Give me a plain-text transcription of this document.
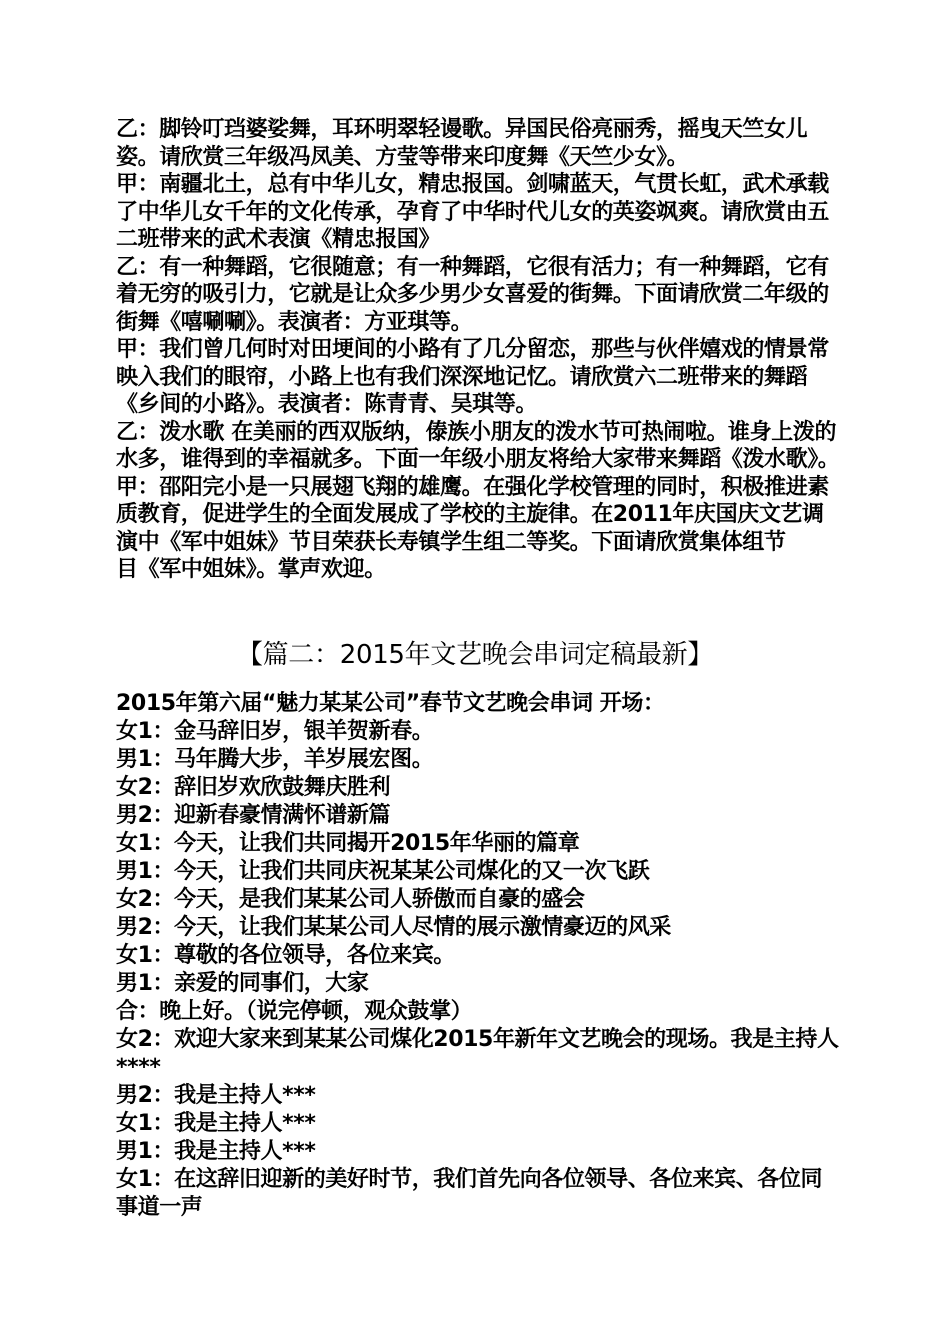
乙：脚铃叮珰婆娑舞，耳环明翠轻谩歌。异国民俗亮丽秀，摇曳天竺女儿姿。请欣赏三年级冯凤美、方莹等带来印度舞《天竺少女》。

甲：南疆北土，总有中华儿女，精忠报国。剑啸蓝天，气贯长虹，武术承载了中华儿女千年的文化传承，孕育了中华时代儿女的英姿飒爽。请欣赏由五二班带来的武术表演《精忠报国》

乙：有一种舞蹈，它很随意；有一种舞蹈，它很有活力；有一种舞蹈，它有着无穷的吸引力，它就是让众多少男少女喜爱的街舞。下面请欣赏二年级的街舞《嘻唰唰》。表演者：方亚琪等。

甲：我们曾几何时对田埂间的小路有了几分留恋，那些与伙伴嬉戏的情景常映入我们的眼帘，小路上也有我们深深地记忆。请欣赏六二班带来的舞蹈《乡间的小路》。表演者：陈青青、吴琪等。

乙：泼水歌 在美丽的西双版纳，傣族小朋友的泼水节可热闹啦。谁身上泼的水多，谁得到的幸福就多。下面一年级小朋友将给大家带来舞蹈《泼水歌》。

甲：邵阳完小是一只展翅飞翔的雄鹰。在强化学校管理的同时，积极推进素质教育，促进学生的全面发展成了学校的主旋律。在2011年庆国庆文艺调演中《军中姐妹》节目荣获长寿镇学生组二等奖。下面请欣赏集体组节

目《军中姐妹》。掌声欢迎。

【篇二：2015年文艺晚会串词定稿最新】

2015年第六届“魅力某某公司”春节文艺晚会串词 开场：

女1：金马辞旧岁，银羊贺新春。

男1：马年腾大步，羊岁展宏图。

女2：辞旧岁欢欣鼓舞庆胜利

男2：迎新春豪情满怀谱新篇

女1：今天，让我们共同揭开2015年华丽的篇章

男1：今天，让我们共同庆祝某某公司煤化的又一次飞跃

女2：今天，是我们某某公司人骄傲而自豪的盛会

男2：今天，让我们某某公司人尽情的展示激情豪迈的风采

女1：尊敬的各位领导，各位来宾。

男1：亲爱的同事们，大家

合：晚上好。（说完停顿，观众鼓掌）

女2：欢迎大家来到某某公司煤化2015年新年文艺晚会的现场。我是主持人****

男2：我是主持人***

女1：我是主持人***

男1：我是主持人***

女1：在这辞旧迎新的美好时节，我们首先向各位领导、各位来宾、各位同事道一声
